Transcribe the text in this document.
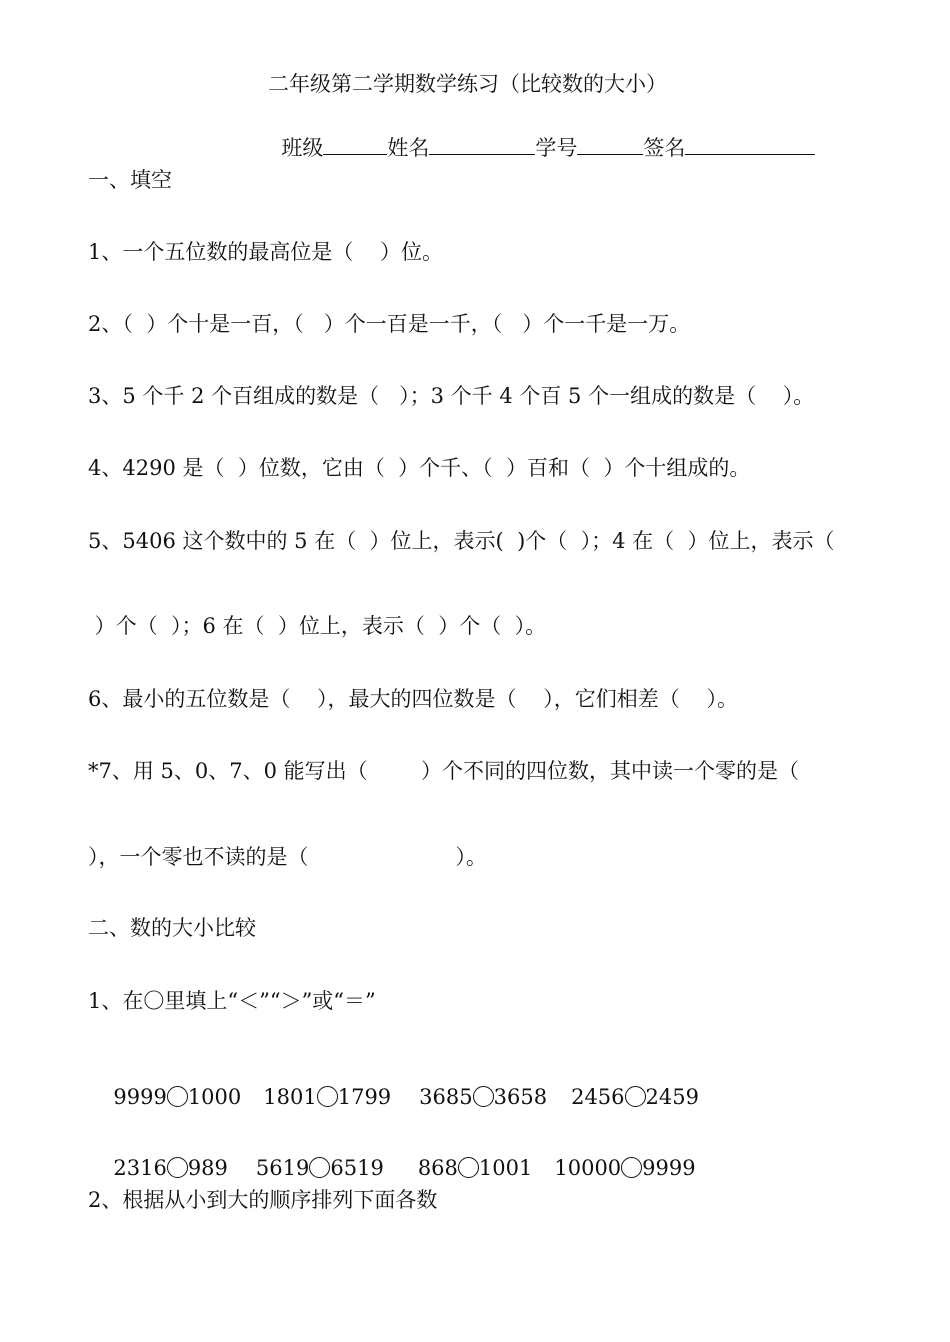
二年级第二学期数学练习（比较数的大小）

班级	姓名	学号	签名

一、填空
1、一个五位数的最高位是（    ）位。
2、（  ）个十是一百，（   ）个一百是一千，（   ）个一千是一万。
3、5 个千 2 个百组成的数是（   ）；3 个千 4 个百 5 个一组成的数是（    ）。
4、4290 是（  ）位数，它由（  ）个千、（  ）百和（  ）个十组成的。
5、5406 这个数中的 5 在（  ）位上，表示(  )个（  ）；4 在（  ）位上，表示（
）个（  ）；6 在（  ）位上，表示（  ）个（  ）。
6、最小的五位数是（    ），最大的四位数是（    ），它们相差（    ）。
*7、用 5、0、7、0 能写出（        ）个不同的四位数，其中读一个零的是（
），一个零也不读的是（                      ）。
二、数的大小比较
1、在〇里填上“＜”“＞”或“＝”

9999 1000 1801 1799 3685 3658 2456 2459

2316 989 5619 6519 868 1001 10000 9999

2、根据从小到大的顺序排列下面各数
